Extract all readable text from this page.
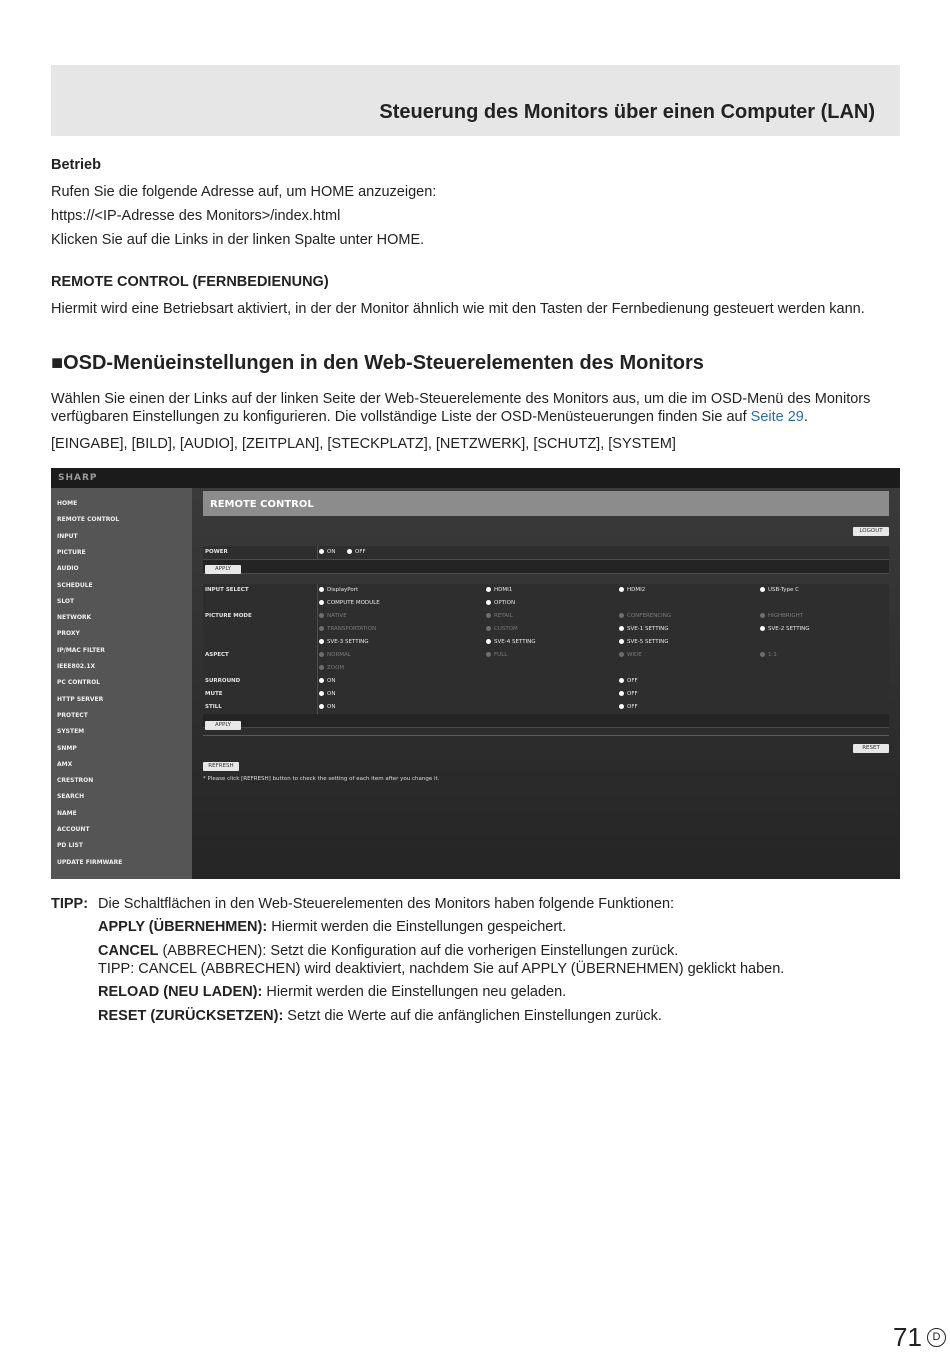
Steuerung des Monitors über einen Computer (LAN)
Betrieb
Rufen Sie die folgende Adresse auf, um HOME anzuzeigen:
https://<IP-Adresse des Monitors>/index.html
Klicken Sie auf die Links in der linken Spalte unter HOME.
REMOTE CONTROL (FERNBEDIENUNG)
Hiermit wird eine Betriebsart aktiviert, in der der Monitor ähnlich wie mit den Tasten der Fernbedienung gesteuert werden kann.
■OSD-Menüeinstellungen in den Web-Steuerelementen des Monitors
Wählen Sie einen der Links auf der linken Seite der Web-Steuerelemente des Monitors aus, um die im OSD-Menü des Monitors verfügbaren Einstellungen zu konfigurieren. Die vollständige Liste der OSD-Menüsteuerungen finden Sie auf Seite 29.
[EINGABE], [BILD], [AUDIO], [ZEITPLAN], [STECKPLATZ], [NETZWERK], [SCHUTZ], [SYSTEM]
SHARP
HOME
REMOTE CONTROL
INPUT
PICTURE
AUDIO
SCHEDULE
SLOT
NETWORK
PROXY
IP/MAC FILTER
IEEE802.1X
PC CONTROL
HTTP SERVER
PROTECT
SYSTEM
SNMP
AMX
CRESTRON
SEARCH
NAME
ACCOUNT
PD LIST
UPDATE FIRMWARE
REMOTE CONTROL
LOGOUT
POWER	ON	OFF
APPLY
INPUT SELECT	DisplayPort	HDMI1	HDMI2	USB-Type C
COMPUTE MODULE	OPTION
PICTURE MODE	NATIVE	RETAIL	CONFERENCING	HIGHBRIGHT
TRANSPORTATION	CUSTOM	SVE-1 SETTING	SVE-2 SETTING
SVE-3 SETTING	SVE-4 SETTING	SVE-5 SETTING
ASPECT	NORMAL	FULL	WIDE	1:1
ZOOM
SURROUND	ON	OFF
MUTE	ON	OFF
STILL	ON	OFF
APPLY
RESET
REFRESH
* Please click [REFRESH] button to check the setting of each item after you change it.
TIPP: Die Schaltflächen in den Web-Steuerelementen des Monitors haben folgende Funktionen:
APPLY (ÜBERNEHMEN): Hiermit werden die Einstellungen gespeichert.
CANCEL (ABBRECHEN): Setzt die Konfiguration auf die vorherigen Einstellungen zurück.
TIPP: CANCEL (ABBRECHEN) wird deaktiviert, nachdem Sie auf APPLY (ÜBERNEHMEN) geklickt haben.
RELOAD (NEU LADEN): Hiermit werden die Einstellungen neu geladen.
RESET (ZURÜCKSETZEN): Setzt die Werte auf die anfänglichen Einstellungen zurück.
71 D
